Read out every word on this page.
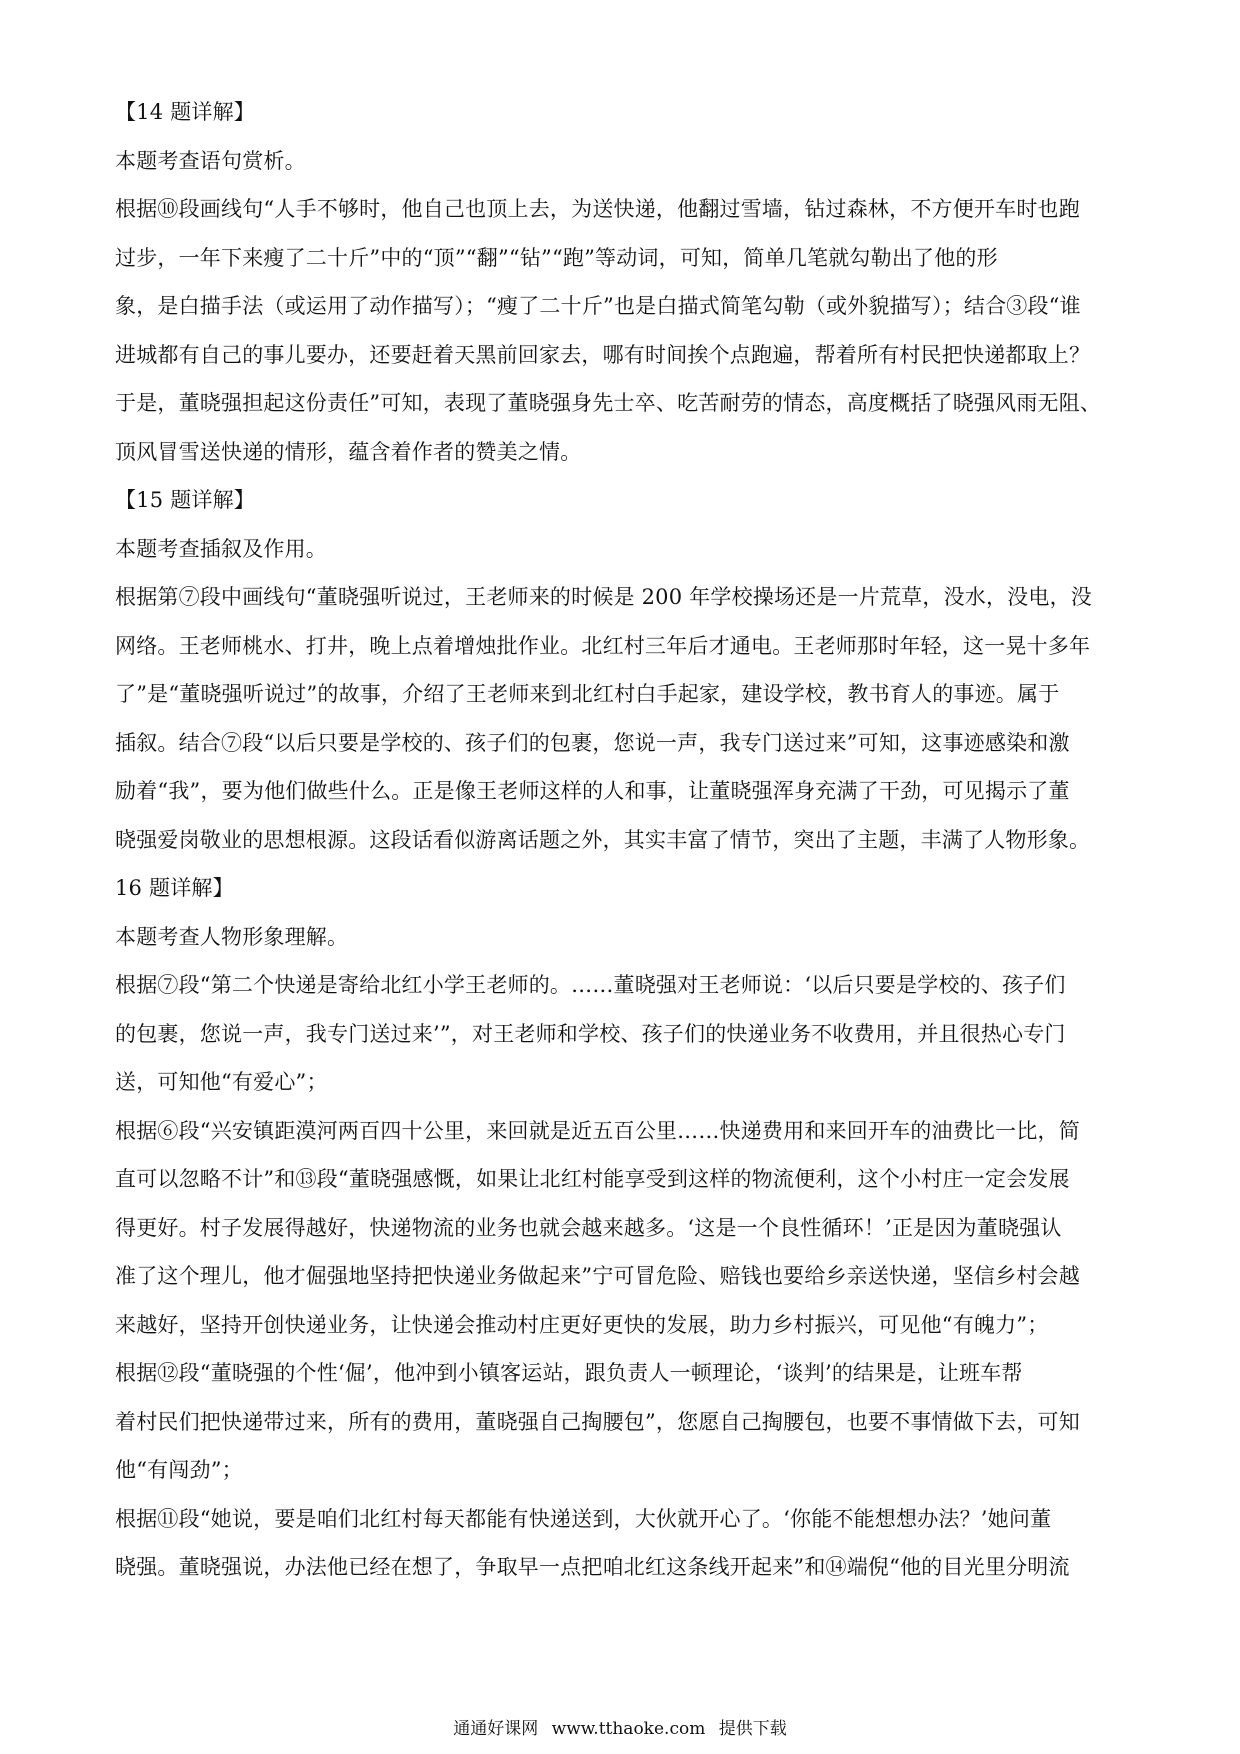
【14 题详解】
本题考查语句赏析。
根据⑩段画线句“人手不够时，他自己也顶上去，为送快递，他翻过雪墙，钻过森林，不方便开车时也跑
过步，一年下来瘦了二十斤”中的“顶”“翻”“钻”“跑”等动词，可知，简单几笔就勾勒出了他的形
象，是白描手法（或运用了动作描写）；“瘦了二十斤”也是白描式简笔勾勒（或外貌描写）；结合③段“谁
进城都有自己的事儿要办，还要赶着天黑前回家去，哪有时间挨个点跑遍，帮着所有村民把快递都取上？
于是，董晓强担起这份责任”可知，表现了董晓强身先士卒、吃苦耐劳的情态，高度概括了晓强风雨无阻、
顶风冒雪送快递的情形，蕴含着作者的赞美之情。
【15 题详解】
本题考查插叙及作用。
根据第⑦段中画线句“董晓强听说过，王老师来的时候是 200 年学校操场还是一片荒草，没水，没电，没
网络。王老师桃水、打井，晚上点着增烛批作业。北红村三年后才通电。王老师那时年轻，这一晃十多年
了”是“董晓强听说过”的故事，介绍了王老师来到北红村白手起家，建设学校，教书育人的事迹。属于
插叙。结合⑦段“以后只要是学校的、孩子们的包裹，您说一声，我专门送过来”可知，这事迹感染和激
励着“我”，要为他们做些什么。正是像王老师这样的人和事，让董晓强浑身充满了干劲，可见揭示了董
晓强爱岗敬业的思想根源。这段话看似游离话题之外，其实丰富了情节，突出了主题，丰满了人物形象。
16 题详解】
本题考查人物形象理解。
根据⑦段“第二个快递是寄给北红小学王老师的。……董晓强对王老师说：‘以后只要是学校的、孩子们
的包裹，您说一声，我专门送过来’”，对王老师和学校、孩子们的快递业务不收费用，并且很热心专门
送，可知他“有爱心”；
根据⑥段“兴安镇距漠河两百四十公里，来回就是近五百公里……快递费用和来回开车的油费比一比，简
直可以忽略不计”和⑬段“董晓强感慨，如果让北红村能享受到这样的物流便利，这个小村庄一定会发展
得更好。村子发展得越好，快递物流的业务也就会越来越多。‘这是一个良性循环！’正是因为董晓强认
准了这个理儿，他才倔强地坚持把快递业务做起来”宁可冒危险、赔钱也要给乡亲送快递，坚信乡村会越
来越好，坚持开创快递业务，让快递会推动村庄更好更快的发展，助力乡村振兴，可见他“有魄力”；
根据⑫段“董晓强的个性‘倔’，他冲到小镇客运站，跟负责人一顿理论，‘谈判’的结果是，让班车帮
着村民们把快递带过来，所有的费用，董晓强自己掏腰包”，您愿自己掏腰包，也要不事情做下去，可知
他“有闯劲”；
根据⑪段“她说，要是咱们北红村每天都能有快递送到，大伙就开心了。‘你能不能想想办法？’她问董
晓强。董晓强说，办法他已经在想了，争取早一点把咱北红这条线开起来”和⑭端倪“他的目光里分明流
通通好课网 www.tthaoke.com 提供下载
